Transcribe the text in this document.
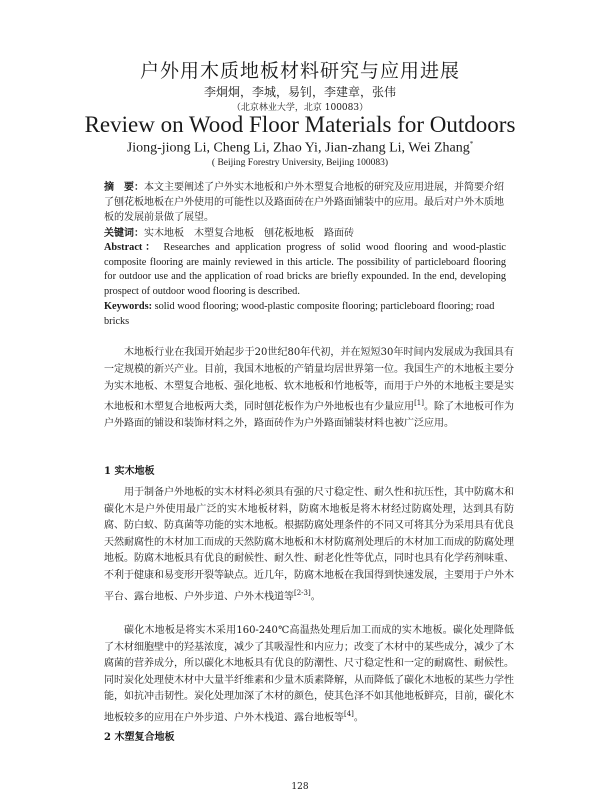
户外用木质地板材料研究与应用进展
李炯炯，李城，易钊，李建章，张伟
（北京林业大学，北京 100083）
Review on Wood Floor Materials for Outdoors
Jiong-jiong Li, Cheng Li, Zhao Yi, Jian-zhang Li, Wei Zhang*
( Beijing Forestry University, Beijing 100083)
摘　要：本文主要阐述了户外实木地板和户外木塑复合地板的研究及应用进展，并简要介绍了刨花板地板在户外使用的可能性以及路面砖在户外路面铺装中的应用。最后对户外木质地板的发展前景做了展望。
关键词：实木地板　木塑复合地板　刨花板地板　路面砖
Abstract： Researches and application progress of solid wood flooring and wood-plastic composite flooring are mainly reviewed in this article. The possibility of particleboard flooring for outdoor use and the application of road bricks are briefly expounded. In the end, developing prospect of outdoor wood flooring is described.
Keywords: solid wood flooring; wood-plastic composite flooring; particleboard flooring; road bricks
木地板行业在我国开始起步于20世纪80年代初，并在短短30年时间内发展成为我国具有一定规模的新兴产业。目前，我国木地板的产销量均居世界第一位。我国生产的木地板主要分为实木地板、木塑复合地板、强化地板、软木地板和竹地板等，而用于户外的木地板主要是实木地板和木塑复合地板两大类，同时刨花板作为户外地板也有少量应用[1]。除了木地板可作为户外路面的铺设和装饰材料之外，路面砖作为户外路面铺装材料也被广泛应用。
1 实木地板
用于制备户外地板的实木材料必须具有强的尺寸稳定性、耐久性和抗压性，其中防腐木和碳化木是户外使用最广泛的实木地板材料，防腐木地板是将木材经过防腐处理，达到具有防腐、防白蚁、防真菌等功能的实木地板。根据防腐处理条件的不同又可将其分为采用具有优良天然耐腐性的木材加工而成的天然防腐木地板和木材防腐剂处理后的木材加工而成的防腐处理地板。防腐木地板具有优良的耐候性、耐久性、耐老化性等优点，同时也具有化学药剂味重、不利于健康和易变形开裂等缺点。近几年，防腐木地板在我国得到快速发展，主要用于户外木平台、露台地板、户外步道、户外木栈道等[2-3]。
碳化木地板是将实木采用160-240℃高温热处理后加工而成的实木地板。碳化处理降低了木材细胞壁中的羟基浓度，减少了其吸湿性和内应力；改变了木材中的某些成分，减少了木腐菌的营养成分，所以碳化木地板具有优良的防潮性、尺寸稳定性和一定的耐腐性、耐候性。同时炭化处理使木材中大量半纤维素和少量木质素降解，从而降低了碳化木地板的某些力学性能，如抗冲击韧性。炭化处理加深了木材的颜色，使其色泽不如其他地板鲜亮，目前，碳化木地板较多的应用在户外步道、户外木栈道、露台地板等[4]。
2 木塑复合地板
128
